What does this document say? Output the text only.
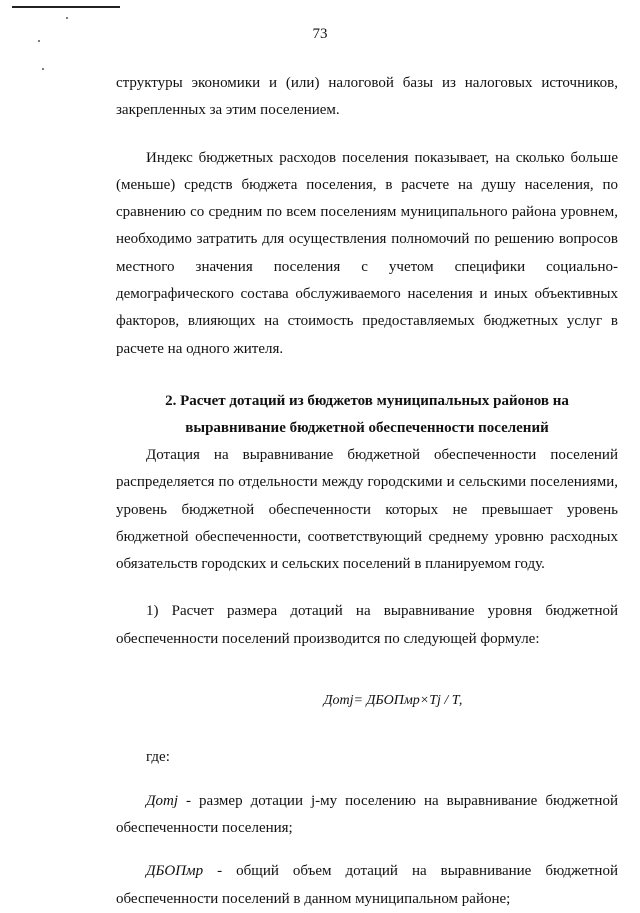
73

структуры экономики и (или) налоговой базы из налоговых источников, закрепленных за этим поселением.

Индекс бюджетных расходов поселения показывает, на сколько больше (меньше) средств бюджета поселения, в расчете на душу населения, по сравнению со средним по всем поселениям муниципального района уровнем, необходимо затратить для осуществления полномочий по решению вопросов местного значения поселения с учетом специфики социально-демографического состава обслуживаемого населения и иных объективных факторов, влияющих на стоимость предоставляемых бюджетных услуг в расчете на одного жителя.

2. Расчет дотаций из бюджетов муниципальных районов на
выравнивание бюджетной обеспеченности поселений

Дотация на выравнивание бюджетной обеспеченности поселений распределяется по отдельности между городскими и сельскими поселениями, уровень бюджетной обеспеченности которых не превышает уровень бюджетной обеспеченности, соответствующий среднему уровню расходных обязательств городских и сельских поселений в планируемом году.

1) Расчет размера дотаций на выравнивание уровня бюджетной обеспеченности поселений производится по следующей формуле:

Дотj= ДБОПмр×Тj / Т,

где:

Дотj - размер дотации j-му поселению на выравнивание бюджетной обеспеченности поселения;

ДБОПмр - общий объем дотаций на выравнивание бюджетной обеспеченности поселений в данном муниципальном районе;
